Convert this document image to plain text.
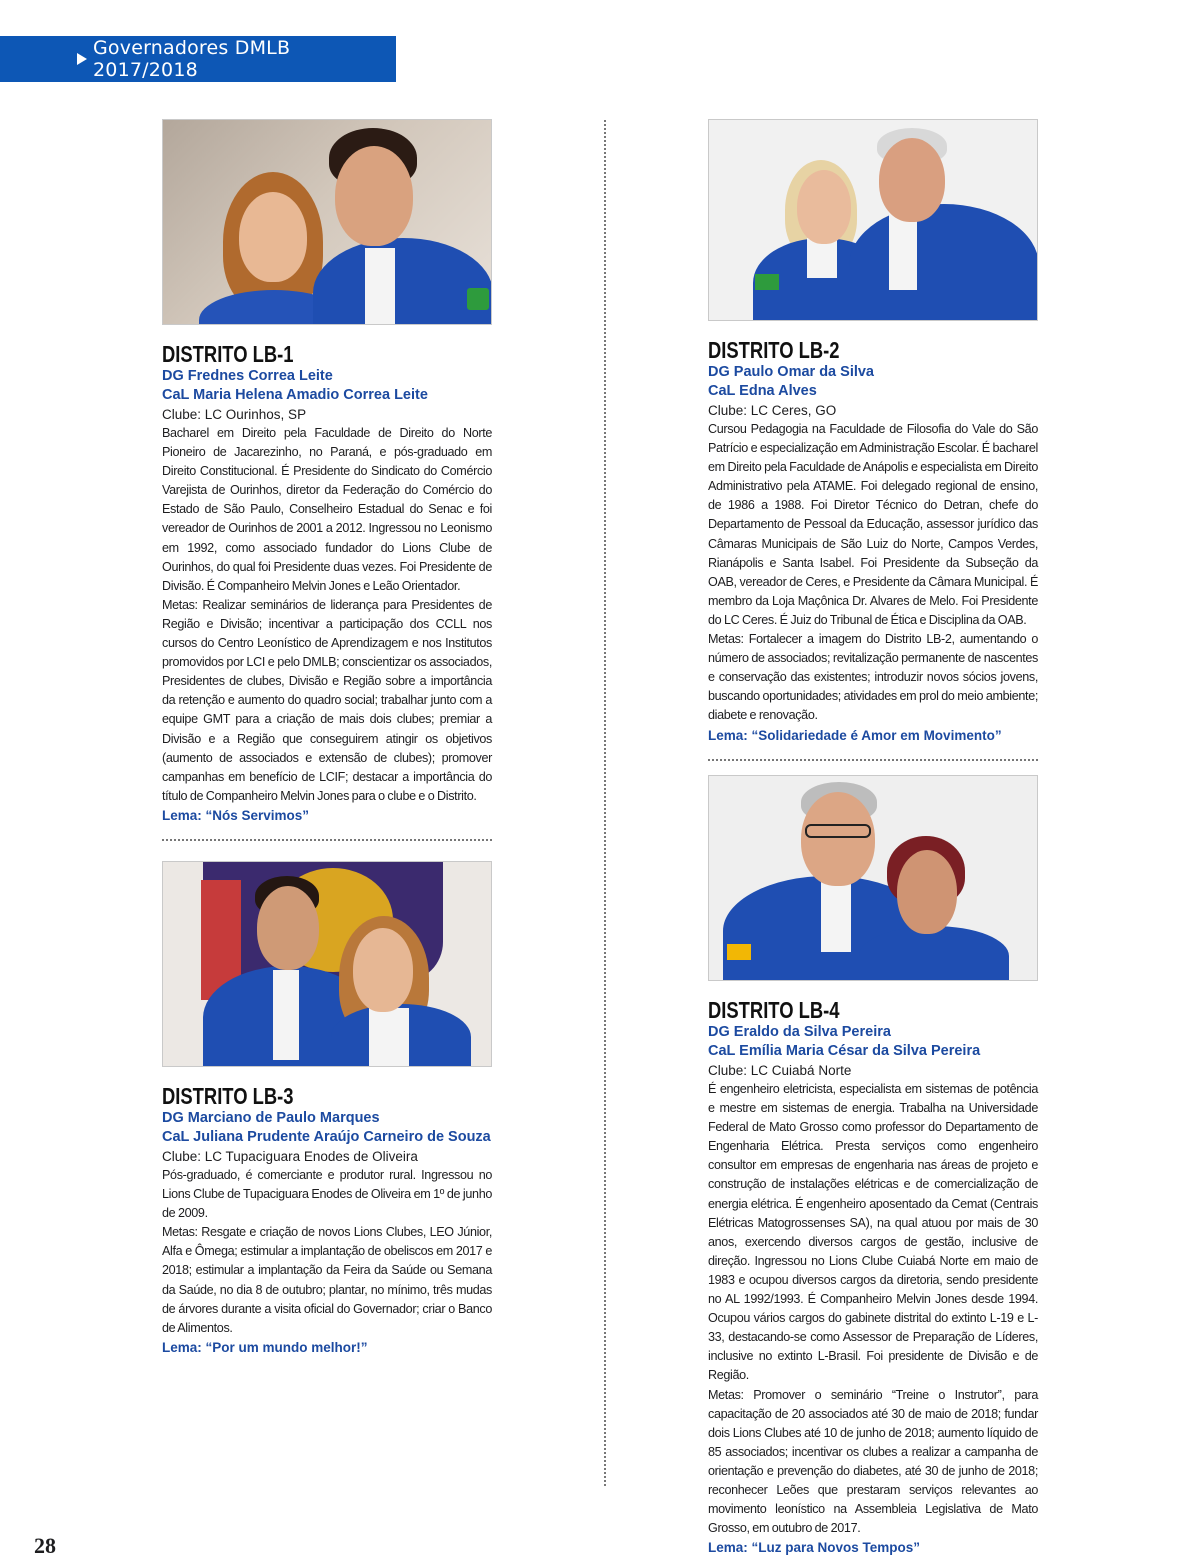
Governadores DMLB 2017/2018
DISTRITO LB-1
DG Frednes Correa Leite
CaL Maria Helena Amadio Correa Leite
Clube: LC Ourinhos, SP

Bacharel em Direito pela Faculdade de Direito do Norte Pioneiro de Jacarezinho, no Paraná, e pós-graduado em Direito Constitucional. É Presidente do Sindicato do Comércio Varejista de Ourinhos, diretor da Federação do Comércio do Estado de São Paulo, Conselheiro Estadual do Senac e foi vereador de Ourinhos de 2001 a 2012. Ingressou no Leonismo em 1992, como associado fundador do Lions Clube de Ourinhos, do qual foi Presidente duas vezes. Foi Presidente de Divisão. É Companheiro Melvin Jones e Leão Orientador.

Metas: Realizar seminários de liderança para Presidentes de Região e Divisão; incentivar a participação dos CCLL nos cursos do Centro Leonístico de Aprendizagem e nos Institutos promovidos por LCI e pelo DMLB; conscientizar os associados, Presidentes de clubes, Divisão e Região sobre a importância da retenção e aumento do quadro social; trabalhar junto com a equipe GMT para a criação de mais dois clubes; premiar a Divisão e a Região que conseguirem atingir os objetivos (aumento de associados e extensão de clubes); promover campanhas em benefício de LCIF; destacar a importância do título de Companheiro Melvin Jones para o clube e o Distrito.

Lema: “Nós Servimos”
DISTRITO LB-3
DG Marciano de Paulo Marques
CaL Juliana Prudente Araújo Carneiro de Souza
Clube: LC Tupaciguara Enodes de Oliveira

Pós-graduado, é comerciante e produtor rural. Ingressou no Lions Clube de Tupaciguara Enodes de Oliveira em 1º de junho de 2009.

Metas: Resgate e criação de novos Lions Clubes, LEO Júnior, Alfa e Ômega; estimular a implantação de obeliscos em 2017 e 2018; estimular a implantação da Feira da Saúde ou Semana da Saúde, no dia 8 de outubro; plantar, no mínimo, três mudas de árvores durante a visita oficial do Governador; criar o Banco de Alimentos.

Lema: “Por um mundo melhor!”
DISTRITO LB-2
DG Paulo Omar da Silva
CaL Edna Alves
Clube: LC Ceres, GO

Cursou Pedagogia na Faculdade de Filosofia do Vale do São Patrício e especialização em Administração Escolar. É bacharel em Direito pela Faculdade de Anápolis e especialista em Direito Administrativo pela ATAME. Foi delegado regional de ensino, de 1986 a 1988. Foi Diretor Técnico do Detran, chefe do Departamento de Pessoal da Educação, assessor jurídico das Câmaras Municipais de São Luiz do Norte, Campos Verdes, Rianápolis e Santa Isabel. Foi Presidente da Subseção da OAB, vereador de Ceres, e Presidente da Câmara Municipal. É membro da Loja Maçônica Dr. Alvares de Melo. Foi Presidente do LC Ceres. É Juiz do Tribunal de Ética e Disciplina da OAB.

Metas: Fortalecer a imagem do Distrito LB-2, aumentando o número de associados; revitalização permanente de nascentes e conservação das existentes; introduzir novos sócios jovens, buscando oportunidades; atividades em prol do meio ambiente; diabete e renovação.

Lema: “Solidariedade é Amor em Movimento”
DISTRITO LB-4
DG Eraldo da Silva Pereira
CaL Emília Maria César da Silva Pereira
Clube: LC Cuiabá Norte

É engenheiro eletricista, especialista em sistemas de potência e mestre em sistemas de energia. Trabalha na Universidade Federal de Mato Grosso como professor do Departamento de Engenharia Elétrica. Presta serviços como engenheiro consultor em empresas de engenharia nas áreas de projeto e construção de instalações elétricas e de comercialização de energia elétrica. É engenheiro aposentado da Cemat (Centrais Elétricas Matogrossenses SA), na qual atuou por mais de 30 anos, exercendo diversos cargos de gestão, inclusive de direção. Ingressou no Lions Clube Cuiabá Norte em maio de 1983 e ocupou diversos cargos da diretoria, sendo presidente no AL 1992/1993. É Companheiro Melvin Jones desde 1994. Ocupou vários cargos do gabinete distrital do extinto L-19 e L-33, destacando-se como Assessor de Preparação de Líderes, inclusive no extinto L-Brasil. Foi presidente de Divisão e de Região.

Metas: Promover o seminário “Treine o Instrutor”, para capacitação de 20 associados até 30 de maio de 2018; fundar dois Lions Clubes até 10 de junho de 2018; aumento líquido de 85 associados; incentivar os clubes a realizar a campanha de orientação e prevenção do diabetes, até 30 de junho de 2018; reconhecer Leões que prestaram serviços relevantes ao movimento leonístico na Assembleia Legislativa de Mato Grosso, em outubro de 2017.

Lema: “Luz para Novos Tempos”
28
